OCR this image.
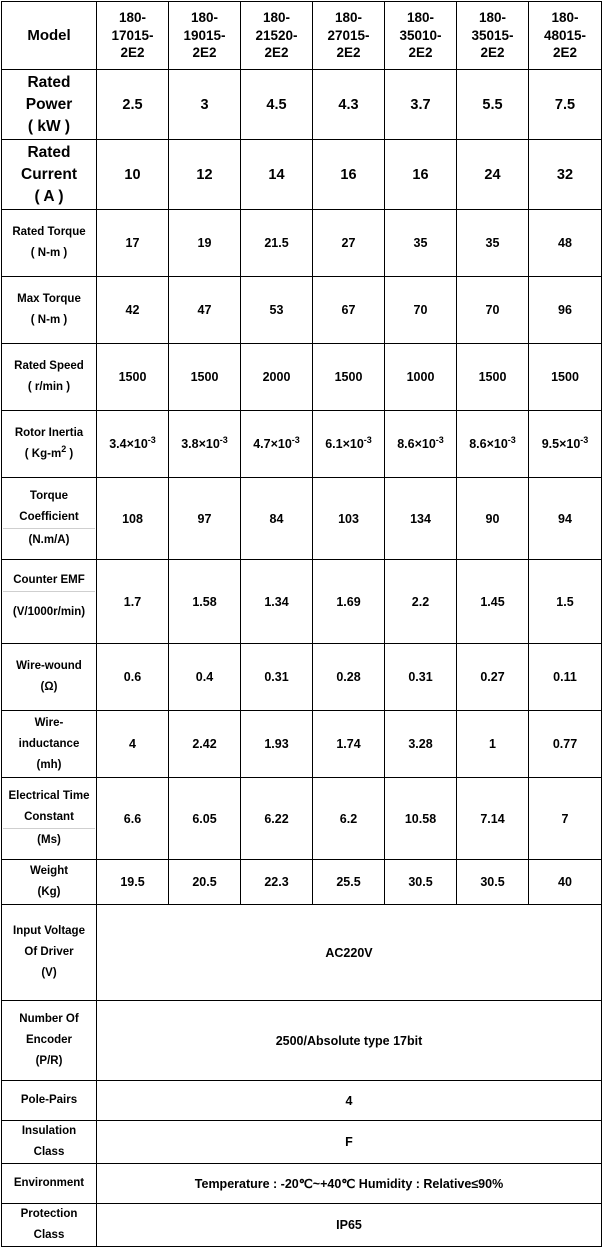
Model	180-
17015-
2E2	180-
19015-
2E2	180-
21520-
2E2	180-
27015-
2E2	180-
35010-
2E2	180-
35015-
2E2	180-
48015-
2E2
Rated
Power
( kW )	2.5	3	4.5	4.3	3.7	5.5	7.5
Rated
Current
( A )	10	12	14	16	16	24	32
Rated Torque
( N-m )	17	19	21.5	27	35	35	48
Max Torque
( N-m )	42	47	53	67	70	70	96
Rated Speed
( r/min )	1500	1500	2000	1500	1000	1500	1500
Rotor Inertia
( $Kg-m^2$ )	$3.4\times 10^{-3}$	$3.8\times 10^{-3}$	$4.7\times 10^{-3}$	$6.1\times 10^{-3}$	$8.6\times 10^{-3}$	$8.6\times 10^{-3}$	$9.5\times 10^{-3}$

Torque
Coefficient
(N.m/A)	108	97	84	103	134	90	94

Counter EMF
(V/1000r/min)	1.7	1.58	1.34	1.69	2.2	1.45	1.5
Wire-wound
(Ω)	0.6	0.4	0.31	0.28	0.31	0.27	0.11
Wire-
inductance
(mh)	4	2.42	1.93	1.74	3.28	1	0.77

Electrical Time
Constant
(Ms)	6.6	6.05	6.22	6.2	10.58	7.14	7
Weight
(Kg)	19.5	20.5	22.3	25.5	30.5	30.5	40
Input Voltage
Of Driver
(V)	AC220V						
Number Of
Encoder
(P/R)	2500/Absolute type 17bit						
Pole-Pairs	4						
Insulation
Class	F						
Environment	Temperature : -20℃~+40℃ Humidity : Relative≤90%						
Protection
Class	IP65						
